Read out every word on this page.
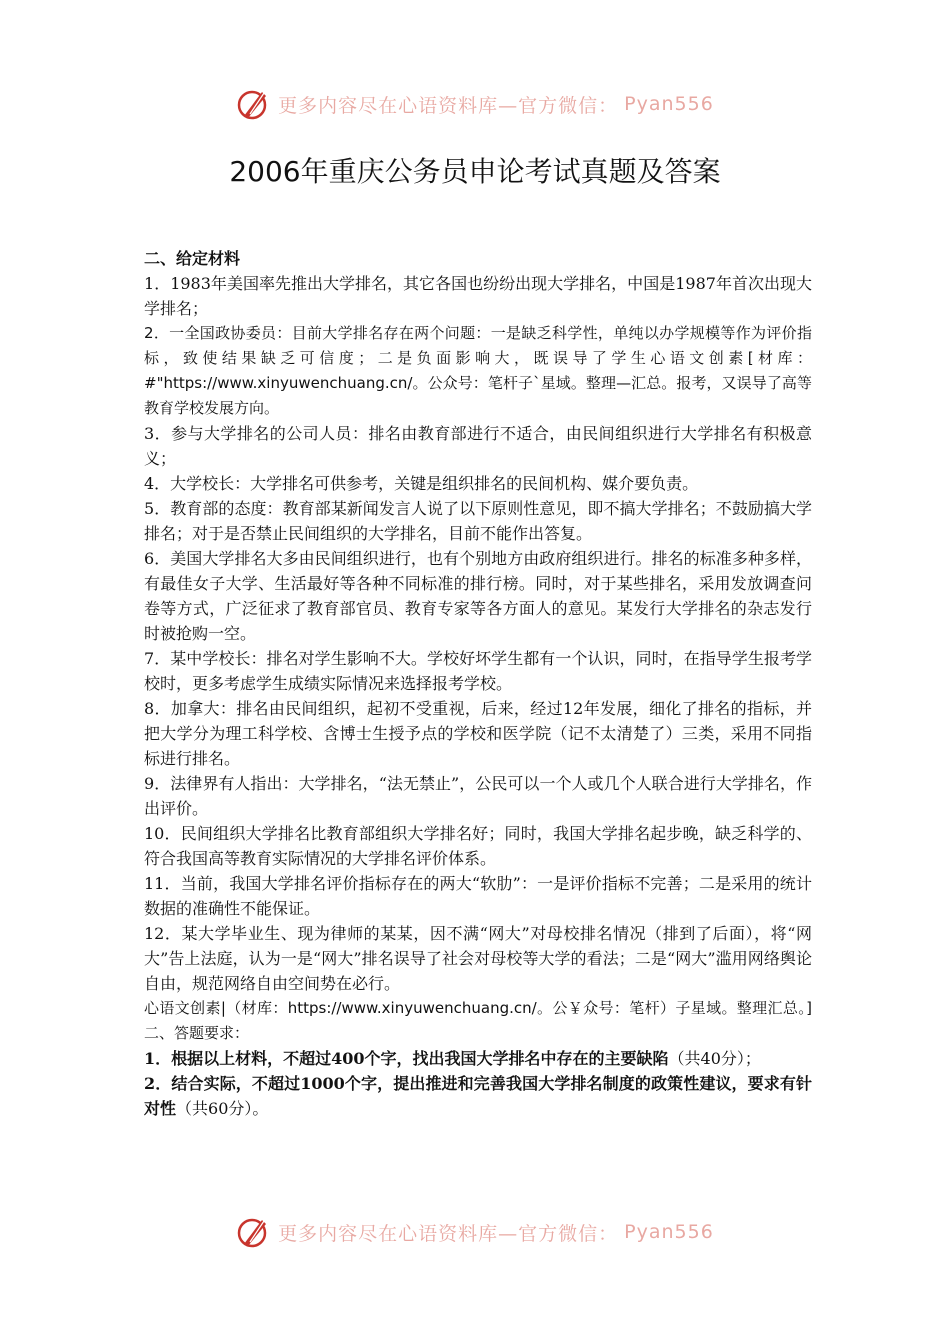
更多内容尽在心语资料库—官方微信： Pyan556
2006年重庆公务员申论考试真题及答案

二、给定材料

1．1983年美国率先推出大学排名，其它各国也纷纷出现大学排名，中国是1987年首次出现大学排名；

2．一全国政协委员：目前大学排名存在两个问题：一是缺乏科学性，单纯以办学规模等作为评价指标，致使结果缺乏可信度；二是负面影响大，既误导了学生心语文创素[材库：#"https://www.xinyuwenchuang.cn/。公众号：笔杆子`星域。整理—汇总。报考，又误导了高等教育学校发展方向。

3．参与大学排名的公司人员：排名由教育部进行不适合，由民间组织进行大学排名有积极意义；

4．大学校长：大学排名可供参考，关键是组织排名的民间机构、媒介要负责。

5．教育部的态度：教育部某新闻发言人说了以下原则性意见，即不搞大学排名；不鼓励搞大学排名；对于是否禁止民间组织的大学排名，目前不能作出答复。

6．美国大学排名大多由民间组织进行，也有个别地方由政府组织进行。排名的标准多种多样，有最佳女子大学、生活最好等各种不同标准的排行榜。同时，对于某些排名，采用发放调查问卷等方式，广泛征求了教育部官员、教育专家等各方面人的意见。某发行大学排名的杂志发行时被抢购一空。

7．某中学校长：排名对学生影响不大。学校好坏学生都有一个认识，同时，在指导学生报考学校时，更多考虑学生成绩实际情况来选择报考学校。

8．加拿大：排名由民间组织，起初不受重视，后来，经过12年发展，细化了排名的指标，并把大学分为理工科学校、含博士生授予点的学校和医学院（记不太清楚了）三类，采用不同指标进行排名。

9．法律界有人指出：大学排名，“法无禁止”，公民可以一个人或几个人联合进行大学排名，作出评价。

10．民间组织大学排名比教育部组织大学排名好；同时，我国大学排名起步晚，缺乏科学的、符合我国高等教育实际情况的大学排名评价体系。

11．当前，我国大学排名评价指标存在的两大“软肋”：一是评价指标不完善；二是采用的统计数据的准确性不能保证。

12．某大学毕业生、现为律师的某某，因不满“网大”对母校排名情况（排到了后面），将“网大”告上法庭，认为一是“网大”排名误导了社会对母校等大学的看法；二是“网大”滥用网络舆论自由，规范网络自由空间势在必行。

心语文创素|（材库：https://www.xinyuwenchuang.cn/。公￥众号：笔杆）子星域。整理汇总。]二、答题要求：

1．根据以上材料，不超过400个字，找出我国大学排名中存在的主要缺陷（共40分）；

2．结合实际，不超过1000个字，提出推进和完善我国大学排名制度的政策性建议，要求有针对性（共60分）。

更多内容尽在心语资料库—官方微信： Pyan556
